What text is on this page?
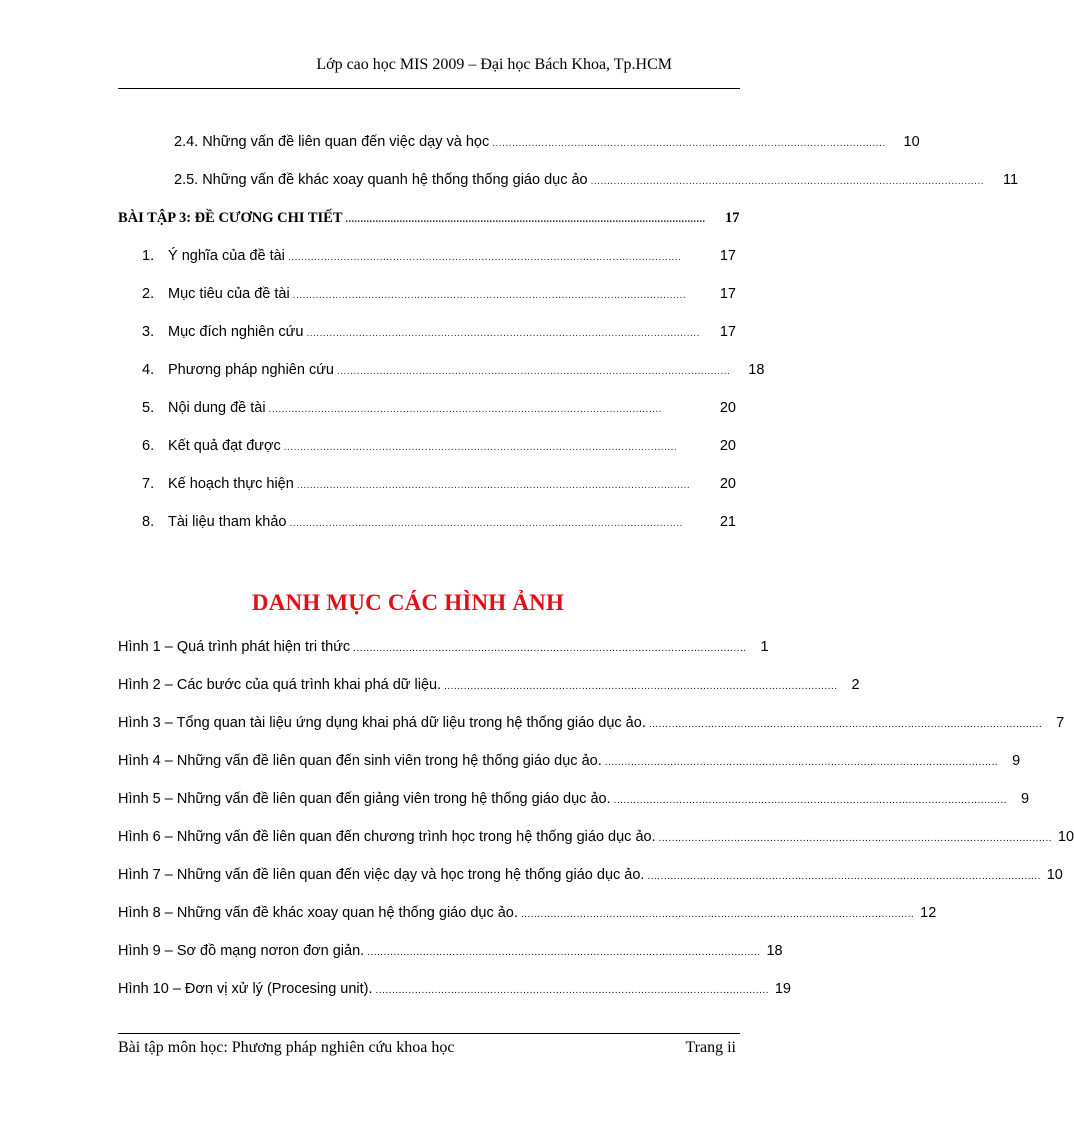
Lớp cao học MIS 2009 – Đại học Bách Khoa, Tp.HCM
2.4. Những vấn đề liên quan đến việc dạy và học ........................................................................................................................	10
2.5. Những vấn đề khác xoay quanh hệ thống thống giáo dục ảo ........................................................................................................................	11
BÀI TẬP 3: ĐỀ CƯƠNG CHI TIẾT ........................................................................................................................	17
1. Ý nghĩa của đề tài ........................................................................................................................	17
2. Mục tiêu của đề tài ........................................................................................................................	17
3. Mục đích nghiên cứu ........................................................................................................................	17
4. Phương pháp nghiên cứu ........................................................................................................................	18
5. Nội dung đề tài ........................................................................................................................	20
6. Kết quả đạt được ........................................................................................................................	20
7. Kế hoạch thực hiện ........................................................................................................................	20
8. Tài liệu tham khảo ........................................................................................................................	21
DANH MỤC CÁC HÌNH ẢNH
Hình 1 – Quá trình phát hiện tri thức ........................................................................................................................ 1
Hình 2 – Các bước của quá trình khai phá dữ liệu. ........................................................................................................................ 2
Hình 3 – Tổng quan tài liệu ứng dụng khai phá dữ liệu trong hệ thống giáo dục ảo. ........................................................................................................................ 7
Hình 4 – Những vấn đề liên quan đến sinh viên trong hệ thống giáo dục ảo. ........................................................................................................................ 9
Hình 5 – Những vấn đề liên quan đến giảng viên trong hệ thống giáo dục ảo. ........................................................................................................................ 9
Hình 6 – Những vấn đề liên quan đến chương trình học trong hệ thống giáo dục ảo. ........................................................................................................................ 10
Hình 7 – Những vấn đề liên quan đến việc dạy và học trong hệ thống giáo dục ảo. ........................................................................................................................ 10
Hình 8 – Những vấn đề khác xoay quan hệ thống giáo dục ảo. ........................................................................................................................ 12
Hình 9 – Sơ đồ mạng nơron đơn giản. ........................................................................................................................ 18
Hình 10 – Đơn vị xử lý (Procesing unit). ........................................................................................................................ 19
Bài tập môn học: Phương pháp nghiên cứu khoa học	Trang ii
